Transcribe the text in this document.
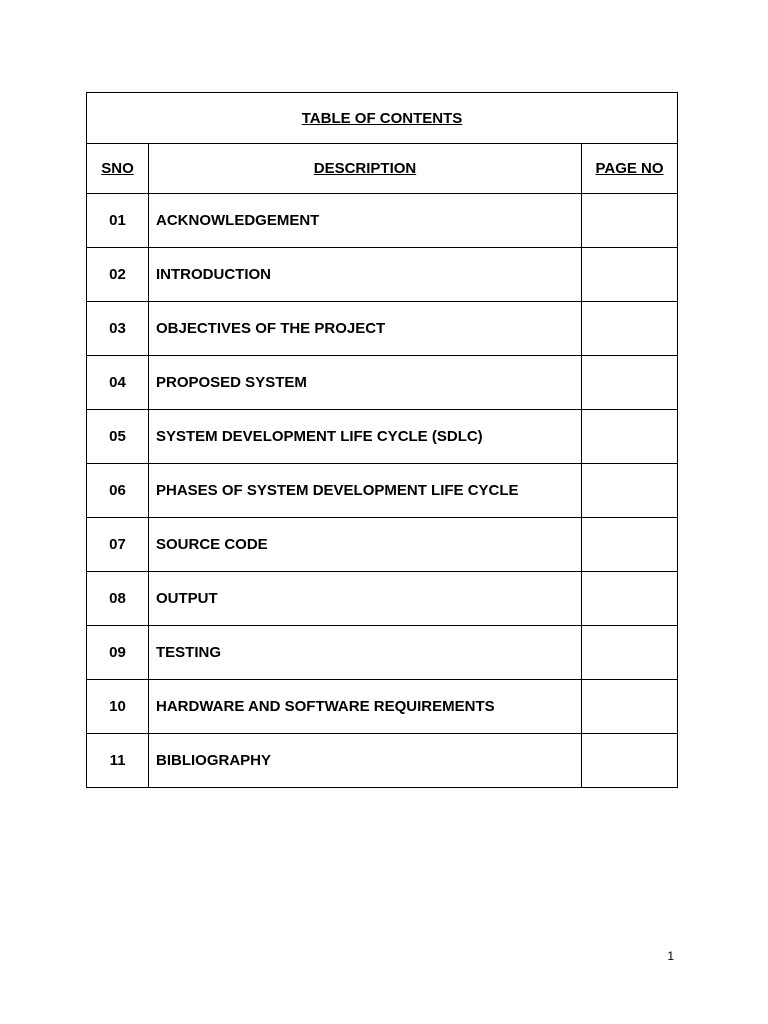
TABLE OF CONTENTS		
SNO	DESCRIPTION	PAGE NO
01	ACKNOWLEDGEMENT	
02	INTRODUCTION	
03	OBJECTIVES OF THE PROJECT	
04	PROPOSED SYSTEM	
05	SYSTEM DEVELOPMENT LIFE CYCLE (SDLC)	
06	PHASES OF SYSTEM DEVELOPMENT LIFE CYCLE	
07	SOURCE CODE	
08	OUTPUT	
09	TESTING	
10	HARDWARE AND SOFTWARE REQUIREMENTS	
11	BIBLIOGRAPHY	
1
